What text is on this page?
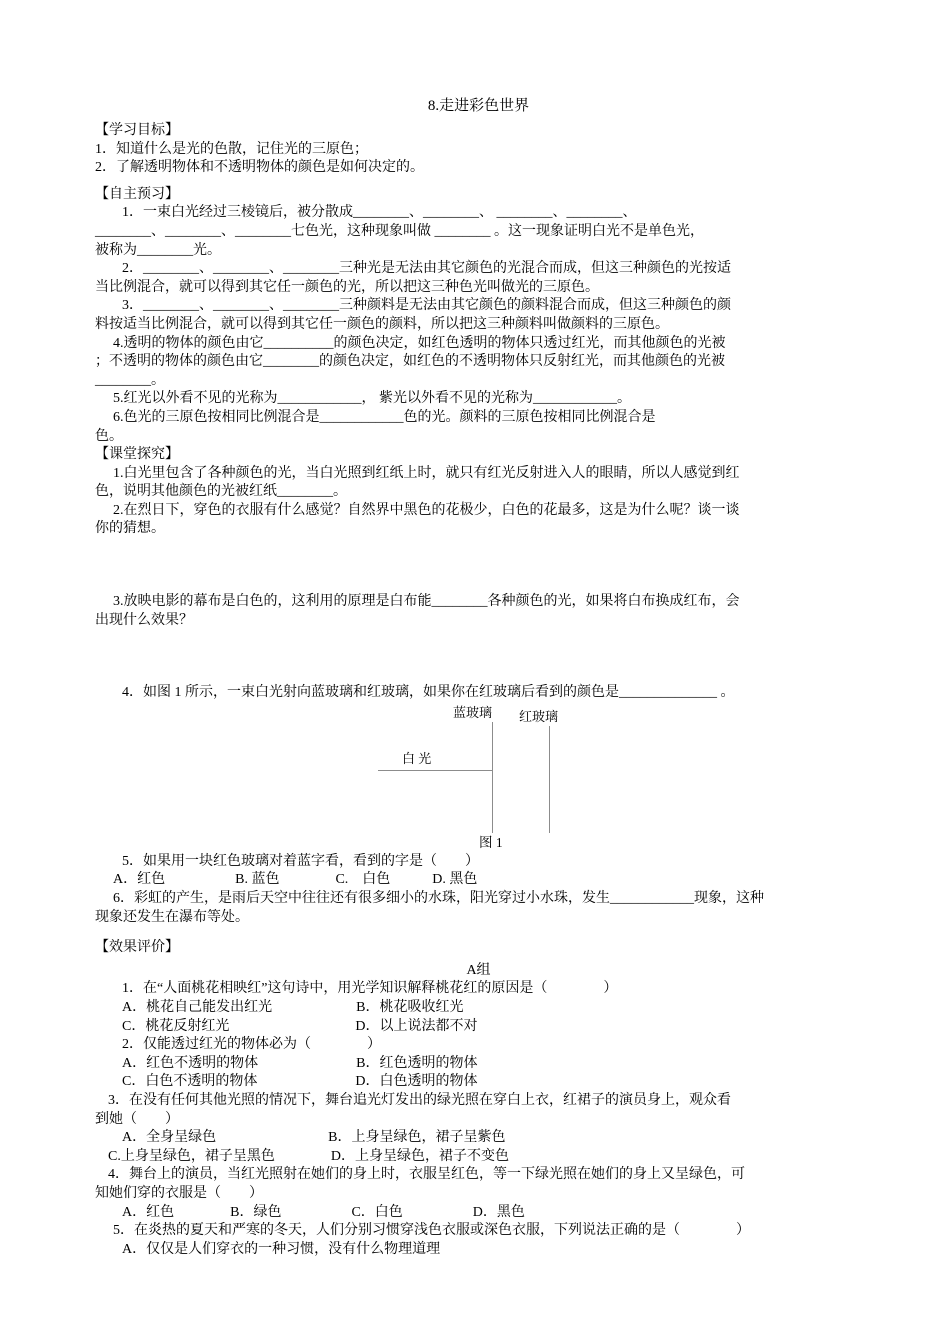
8.走进彩色世界
【学习目标】
1．知道什么是光的色散，记住光的三原色；
2．了解透明物体和不透明物体的颜色是如何决定的。
【自主预习】
1．一束白光经过三棱镜后，被分散成________、________、 ________、________、
________、________、________七色光，这种现象叫做 ________ 。这一现象证明白光不是单色光，
被称为________光。
2．________、________、________三种光是无法由其它颜色的光混合而成，但这三种颜色的光按适
当比例混合，就可以得到其它任一颜色的光，所以把这三种色光叫做光的三原色。
3．________、________、________三种颜料是无法由其它颜色的颜料混合而成，但这三种颜色的颜
料按适当比例混合，就可以得到其它任一颜色的颜料，所以把这三种颜料叫做颜料的三原色。
4.透明的物体的颜色由它__________的颜色决定，如红色透明的物体只透过红光，而其他颜色的光被
；不透明的物体的颜色由它________的颜色决定，如红色的不透明物体只反射红光，而其他颜色的光被
________。
5.红光以外看不见的光称为____________， 紫光以外看不见的光称为____________。
6.色光的三原色按相同比例混合是____________色的光。颜料的三原色按相同比例混合是
色。
【课堂探究】
1.白光里包含了各种颜色的光，当白光照到红纸上时，就只有红光反射进入人的眼睛，所以人感觉到红
色，说明其他颜色的光被红纸________。
2.在烈日下，穿色的衣服有什么感觉？自然界中黑色的花极少，白色的花最多，这是为什么呢？谈一谈
你的猜想。
3.放映电影的幕布是白色的，这利用的原理是白布能________各种颜色的光，如果将白布换成红布，会
出现什么效果？
4．如图 1 所示，一束白光射向蓝玻璃和红玻璃，如果你在红玻璃后看到的颜色是______________ 。
蓝玻璃 红玻璃
白 光
图 1
5．如果用一块红色玻璃对着蓝字看，看到的字是（　　）
A．红色　　　　　B. 蓝色　　　　C.　白色　　　D. 黑色
6．彩虹的产生，是雨后天空中往往还有很多细小的水珠，阳光穿过小水珠，发生____________现象，这种
现象还发生在瀑布等处。
【效果评价】
A组
1．在“人面桃花相映红”这句诗中，用光学知识解释桃花红的原因是（　　　　）
A．桃花自己能发出红光　　　　　　B．桃花吸收红光
C．桃花反射红光　　　　　　　　　D．以上说法都不对
2．仅能透过红光的物体必为（　　　　）
A．红色不透明的物体　　　　　　　B．红色透明的物体
C．白色不透明的物体　　　　　　　D．白色透明的物体
3．在没有任何其他光照的情况下，舞台追光灯发出的绿光照在穿白上衣，红裙子的演员身上，观众看
到她（　　）
A．全身呈绿色　　　　　　　　B．上身呈绿色，裙子呈紫色
C.上身呈绿色，裙子呈黑色　　　　D．上身呈绿色，裙子不变色
4．舞台上的演员，当红光照射在她们的身上时，衣服呈红色，等一下绿光照在她们的身上又呈绿色，可
知她们穿的衣服是（　　）
A．红色　　　　B．绿色　　　　　C．白色　　　　　D．黑色
5．在炎热的夏天和严寒的冬天，人们分别习惯穿浅色衣服或深色衣服，下列说法正确的是（　　　　）
A．仅仅是人们穿衣的一种习惯，没有什么物理道理
